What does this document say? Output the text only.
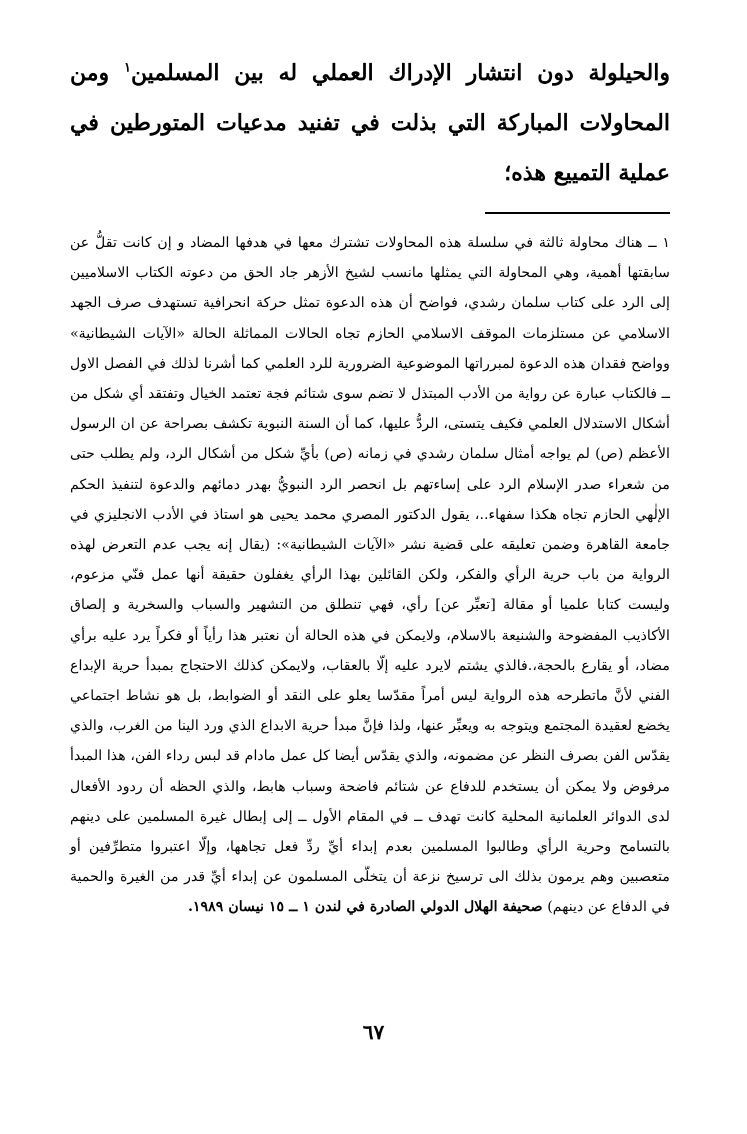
والحيلولة دون انتشار الإدراك العملي له بين المسلمين$^١$ ومن المحاولات المباركة التي بذلت في تفنيد مدعيات المتورطين في عملية التمييع هذه؛

١ ــ هناك محاولة ثالثة في سلسلة هذه المحاولات تشترك معها في هدفها المضاد و إن كانت تقلُّ عن سابقتها أهمية، وهي المحاولة التي يمثلها مانسب لشيخ الأزهر جاد الحق من دعوته الكتاب الاسلاميين إلى الرد على كتاب سلمان رشدي، فواضح أن هذه الدعوة تمثل حركة انحرافية تستهدف صرف الجهد الاسلامي عن مستلزمات الموقف الاسلامي الحازم تجاه الحالات المماثلة الحالة «الآيات الشيطانية» وواضح فقدان هذه الدعوة لمبرراتها الموضوعية الضرورية للرد العلمي كما أشرنا لذلك في الفصل الاول ــ فالكتاب عبارة عن رواية من الأدب المبتذل لا تضم سوى شتائم فجة تعتمد الخيال وتفتقد أي شكل من أشكال الاستدلال العلمي فكيف يتستى، الردُّ عليها، كما أن السنة النبوية تكشف بصراحة عن ان الرسول الأعظم (ص) لم يواجه أمثال سلمان رشدي في زمانه (ص) بأيِّ شكل من أشكال الرد، ولم يطلب حتى من شعراء صدر الإسلام الرد على إساءتهم بل انحصر الرد النبويُّ بهدر دمائهم والدعوة لتنفيذ الحكم الإلٰهي الحازم تجاه هكذا سفهاء..، يقول الدكتور المصري محمد يحيى هو استاذ في الأدب الانجليزي في جامعة القاهرة وضمن تعليقه على قضية نشر «الآيات الشيطانية»: (يقال إنه يجب عدم التعرض لهذه الرواية من باب حرية الرأي والفكر، ولكن القائلين بهذا الرأي يغفلون حقيقة أنها عمل فنّي مزعوم، وليست كتابا علميا أو مقالة [تعبِّر عن] رأي، فهي تنطلق من التشهير والسباب والسخرية و إلصاق الأكاذيب المفضوحة والشنيعة بالاسلام، ولايمكن في هذه الحالة أن نعتبر هذا رأياً أو فكراً يرد عليه برأي مضاد، أو يقارع بالحجة،.فالذي يشتم لايرد عليه إلّا بالعقاب، ولايمكن كذلك الاحتجاج بمبدأ حرية الإبداع الفني لأنَّ ماتطرحه هذه الرواية ليس أمراً مقدّسا يعلو على النقد أو الضوابط، بل هو نشاط اجتماعي يخضع لعقيدة المجتمع ويتوجه به ويعبِّر عنها، ولذا فإنَّ مبدأ حرية الابداع الذي ورد الينا من الغرب، والذي يقدّس الفن بصرف النظر عن مضمونه، والذي يقدّس أيضا كل عمل مادام قد لبس رداء الفن، هذا المبدأ مرفوض ولا يمكن أن يستخدم للدفاع عن شتائم فاضحة وسباب هابط، والذي الحظه أن ردود الأفعال لدى الدوائر العلمانية المحلية كانت تهدف ــ في المقام الأول ــ إلى إبطال غيرة المسلمين على دينهم بالتسامح وحرية الرأي وطالبوا المسلمين بعدم إبداء أيِّ ردِّ فعل تجاهها، وإلّا اعتبروا متطرِّفين أو متعصبين وهم يرمون بذلك الى ترسيخ نزعة أن يتخلّى المسلمون عن إبداء أيِّ قدر من الغيرة والحمية في الدفاع عن دينهم) صحيفة الهلال الدولي الصادرة في لندن ١ ــ ١٥ نيسان ١٩٨٩.

٦٧
